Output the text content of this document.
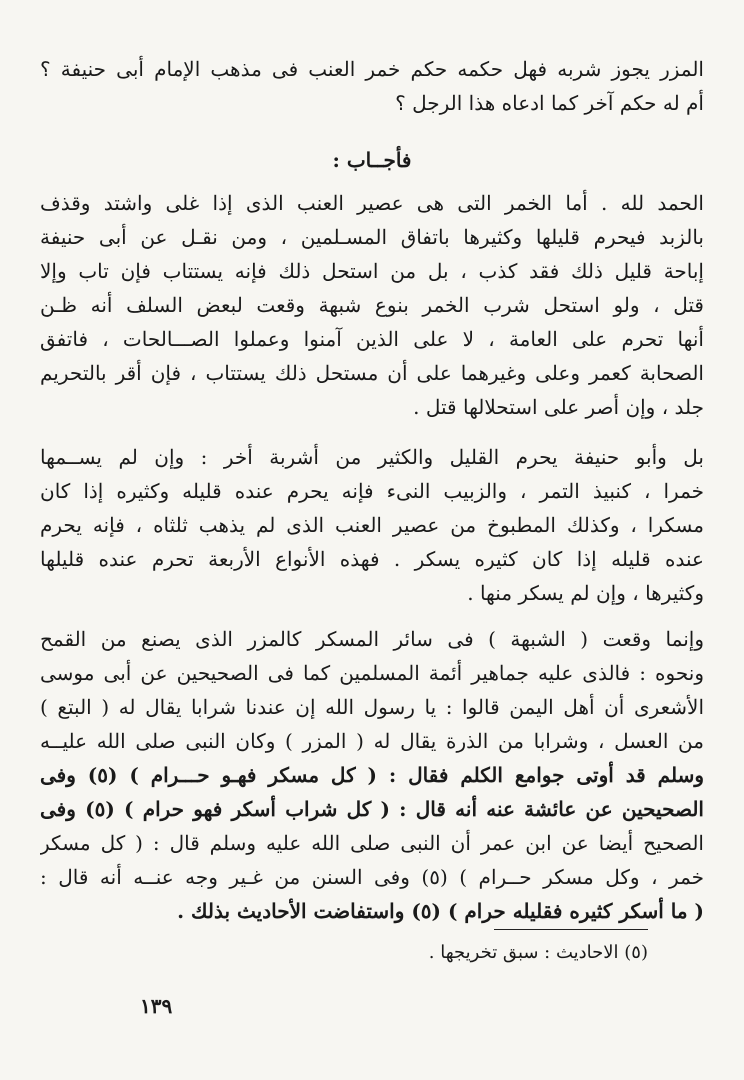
المزر يجوز شربه فهل حكمه حكم خمر العنب فى مذهب الإمام أبى حنيفة ؟
أم له حكم آخر كما ادعاه هذا الرجل ؟
فأجــاب :
الحمد لله . أما الخمر التى هى عصير العنب الذى إذا غلى واشتد وقذف
بالزبد فيحرم قليلها وكثيرها باتفاق المسـلمين ، ومن نقـل عن أبى حنيفة
إباحة قليل ذلك فقد كذب ، بل من استحل ذلك فإنه يستتاب فإن تاب وإلا
قتل ، ولو استحل شرب الخمر بنوع شبهة وقعت لبعض السلف أنه ظـن
أنها تحرم على العامة ، لا على الذين آمنوا وعملوا الصـــالحات ، فاتفق
الصحابة كعمر وعلى وغيرهما على أن مستحل ذلك يستتاب ، فإن أقر بالتحريم
جلد ، وإن أصر على استحلالها قتل .
بل وأبو حنيفة يحرم القليل والكثير من أشربة أخر : وإن لم يســمها
خمرا ، كنبيذ التمر ، والزبيب النىء فإنه يحرم عنده قليله وكثيره إذا كان
مسكرا ، وكذلك المطبوخ من عصير العنب الذى لم يذهب ثلثاه ، فإنه يحرم
عنده قليله إذا كان كثيره يسكر . فهذه الأنواع الأربعة تحرم عنده قليلها
وكثيرها ، وإن لم يسكر منها .
وإنما وقعت ( الشبهة ) فى سائر المسكر كالمزر الذى يصنع من القمح
ونحوه : فالذى عليه جماهير أئمة المسلمين كما فى الصحيحين عن أبى موسى
الأشعرى أن أهل اليمن قالوا : يا رسول الله إن عندنا شرابا يقال له ( البتع )
من العسل ، وشرابا من الذرة يقال له ( المزر ) وكان النبى صلى الله عليــه
وسلم قد أوتى جوامع الكلم فقال : ( كل مسكر فهـو حـــرام ) (٥) وفى
الصحيحين عن عائشة عنه أنه قال : ( كل شراب أسكر فهو حرام ) (٥) وفى
الصحيح أيضا عن ابن عمر أن النبى صلى الله عليه وسلم قال : ( كل مسكر
خمر ، وكل مسكر حــرام ) (٥) وفى السنن من غـير وجه عنــه أنه قال :
( ما أسكر كثيره فقليله حرام ) (٥) واستفاضت الأحاديث بذلك .
(٥) الاحاديث : سبق تخريجها .
١٣٩
